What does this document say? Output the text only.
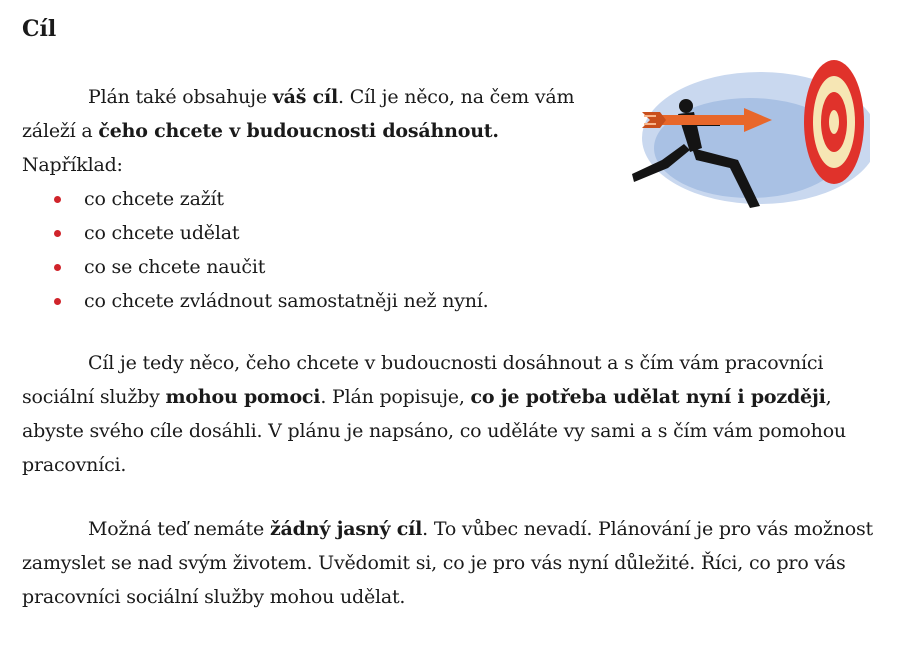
Cíl

Plán také obsahuje váš cíl. Cíl je něco, na čem vám záleží a čeho chcete v budoucnosti dosáhnout. Například:

co chcete zažít
co chcete udělat
co se chcete naučit
co chcete zvládnout samostatněji než nyní.

Cíl je tedy něco, čeho chcete v budoucnosti dosáhnout a s čím vám pracovníci sociální služby mohou pomoci. Plán popisuje, co je potřeba udělat nyní i později, abyste svého cíle dosáhli. V plánu je napsáno, co uděláte vy sami a s čím vám pomohou pracovníci.

Možná teď nemáte žádný jasný cíl. To vůbec nevadí. Plánování je pro vás možnost zamyslet se nad svým životem. Uvědomit si, co je pro vás nyní důležité. Říci, co pro vás pracovníci sociální služby mohou udělat.
